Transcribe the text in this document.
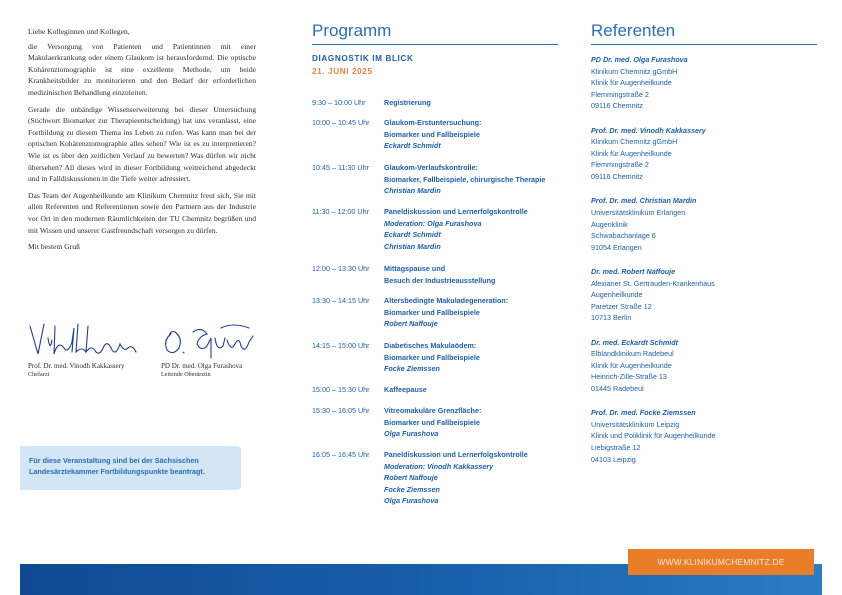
Liebe Kolleginnen und Kollegen,

die Versorgung von Patienten und Patientinnen mit einer Makulaerkrankung oder einem Glaukom ist herausfordernd. Die optische Kohärenztomographie ist eine exzellente Methode, um beide Krankheitsbilder zu monitorieren und den Bedarf der erforderlichen medizinischen Behandlung einzuleiten.

Gerade die unbändige Wissenserweiterung bei dieser Untersuchung (Stichwort Biomarker zur Therapieentscheidung) hat uns veranlasst, eine Fortbildung zu diesem Thema ins Leben zu rufen. Was kann man bei der optischen Kohärenztomographie alles sehen? Wie ist es zu interpretieren? Wie ist es über den zeitlichen Verlauf zu bewerten? Was dürfen wir nicht übersehen? All dieses wird in dieser Fortbildung weitreichend abgedeckt und in Falldiskussionen in die Tiefe weiter adressiert.

Das Team der Augenheilkunde am Klinikum Chemnitz freut sich, Sie mit allen Referenten und Referentinnen sowie den Partnern aus der Industrie vor Ort in den modernen Räumlichkeiten der TU Chemnitz begrüßen und mit Wissen und unserer Gastfreundschaft versorgen zu dürfen.

Mit bestem Gruß

Prof. Dr. med. Vinodh Kakkassery
Chefarzt
PD Dr. med. Olga Furashova
Leitende Oberärztin
Für diese Veranstaltung sind bei der Sächsischen Landesärztekammer Fortbildungspunkte beantragt.
Programm
DIAGNOSTIK IM BLICK
21. JUNI 2025
9:30 – 10:00 Uhr	Registrierung
10:00 – 10:45 Uhr	Glaukom-Erstuntersuchung:
Biomarker und Fallbeispiele
Eckardt Schmidt
10:45 – 11:30 Uhr	Glaukom-Verlaufskontrolle:
Biomarker, Fallbeispiele, chirurgische Therapie
Christian Mardin
11:30 – 12:00 Uhr	Paneldiskussion und Lernerfolgskontrolle
Moderation: Olga Furashova
Eckardt Schmidt
Christian Mardin
12:00 – 13:30 Uhr	Mittagspause und
Besuch der Industrieausstellung
13:30 – 14:15 Uhr	Altersbedingte Makuladegeneration:
Biomarker und Fallbeispiele
Robert Naffouje
14:15 – 15:00 Uhr	Diabetisches Makulaödem:
Biomarker und Fallbeispiele
Focke Ziemssen
15:00 – 15:30 Uhr	Kaffeepause
15:30 – 16:05 Uhr	Vitreomakuläre Grenzfläche:
Biomarker und Fallbeispiele
Olga Furashova
16:05 – 16:45 Uhr	Paneldiskussion und Lernerfolgskontrolle
Moderation: Vinodh Kakkassery
Robert Naffouje
Focke Ziemssen
Olga Furashova
Referenten
PD Dr. med. Olga Furashova
Klinikum Chemnitz gGmbH
Klinik für Augenheilkunde
Flemmingstraße 2
09116 Chemnitz
Prof. Dr. med. Vinodh Kakkassery
Klinikum Chemnitz gGmbH
Klinik für Augenheilkunde
Flemmingstraße 2
09116 Chemnitz
Prof. Dr. med. Christian Mardin
Universitätsklinikum Erlangen
Augenklinik
Schwabachanlage 6
91054 Erlangen
Dr. med. Robert Naffouje
Alexianer St. Gertrauden-Krankenhaus
Augenheilkunde
Paretzer Straße 12
10713 Berlin
Dr. med. Eckardt Schmidt
Elblandklinikum Radebeul
Klinik für Augenheilkunde
Heinrich-Zille-Straße 13
01445 Radebeul
Prof. Dr. med. Focke Ziemssen
Universitätsklinikum Leipzig
Klinik und Poliklinik für Augenheilkunde
Liebigstraße 12
04103 Leipzig
WWW.KLINIKUMCHEMNITZ.DE
